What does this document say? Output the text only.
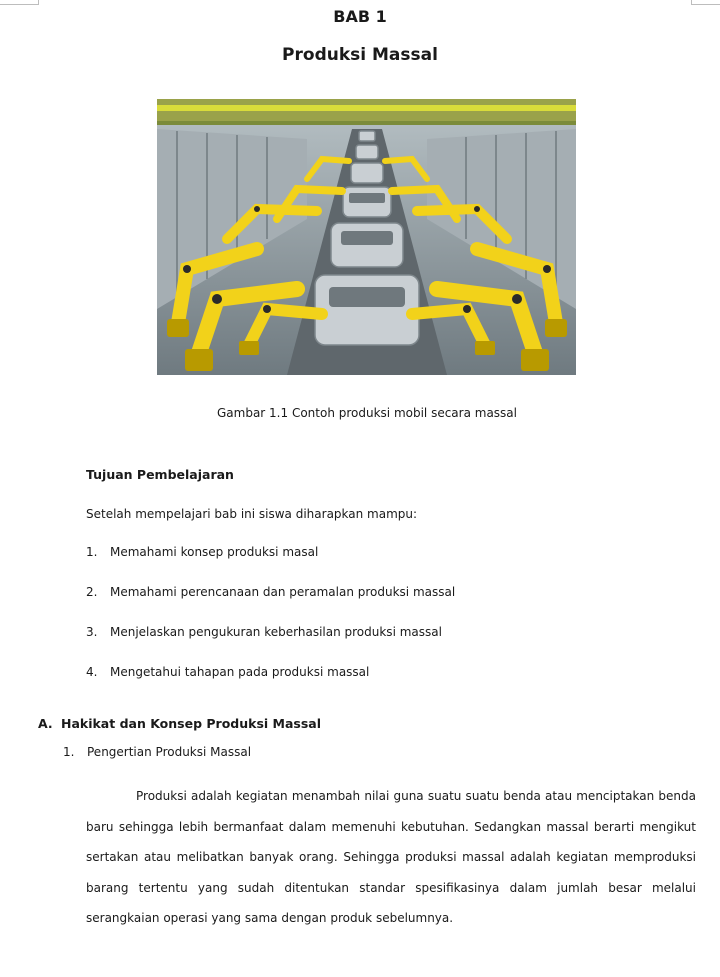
BAB 1
Produksi Massal
Gambar 1.1 Contoh produksi mobil secara massal
Tujuan Pembelajaran
Setelah mempelajari bab ini siswa diharapkan mampu:
1. Memahami konsep produksi masal
2. Memahami perencanaan dan peramalan produksi massal
3. Menjelaskan pengukuran keberhasilan produksi massal
4. Mengetahui tahapan pada produksi massal
A. Hakikat dan Konsep Produksi Massal
1. Pengertian Produksi Massal

Produksi adalah kegiatan menambah nilai guna suatu suatu benda atau menciptakan benda baru sehingga lebih bermanfaat dalam memenuhi kebutuhan. Sedangkan massal berarti mengikut sertakan atau melibatkan banyak orang. Sehingga produksi massal adalah kegiatan memproduksi barang tertentu yang sudah ditentukan standar spesifikasinya dalam jumlah besar melalui serangkaian operasi yang sama dengan produk sebelumnya.
